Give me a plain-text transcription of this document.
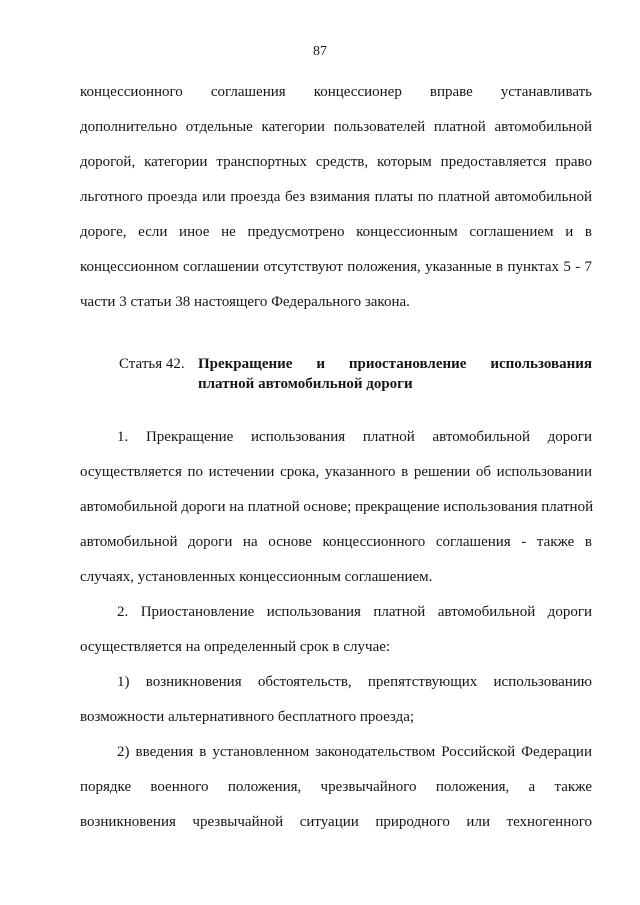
87
концессионного соглашения концессионер вправе устанавливать
дополнительно отдельные категории пользователей платной автомобильной
дорогой, категории транспортных средств, которым предоставляется право
льготного проезда или проезда без взимания платы по платной автомобильной
дороге, если иное не предусмотрено концессионным соглашением и в
концессионном соглашении отсутствуют положения, указанные в пунктах 5 - 7
части 3 статьи 38 настоящего Федерального закона.
Статья 42. Прекращение и приостановление использования
платной автомобильной дороги
1. Прекращение использования платной автомобильной дороги
осуществляется по истечении срока, указанного в решении об использовании
автомобильной дороги на платной основе; прекращение использования платной
автомобильной дороги на основе концессионного соглашения - также в
случаях, установленных концессионным соглашением.
2. Приостановление использования платной автомобильной дороги
осуществляется на определенный срок в случае:
1) возникновения обстоятельств, препятствующих использованию
возможности альтернативного бесплатного проезда;
2) введения в установленном законодательством Российской Федерации
порядке военного положения, чрезвычайного положения, а также
возникновения чрезвычайной ситуации природного или техногенного
